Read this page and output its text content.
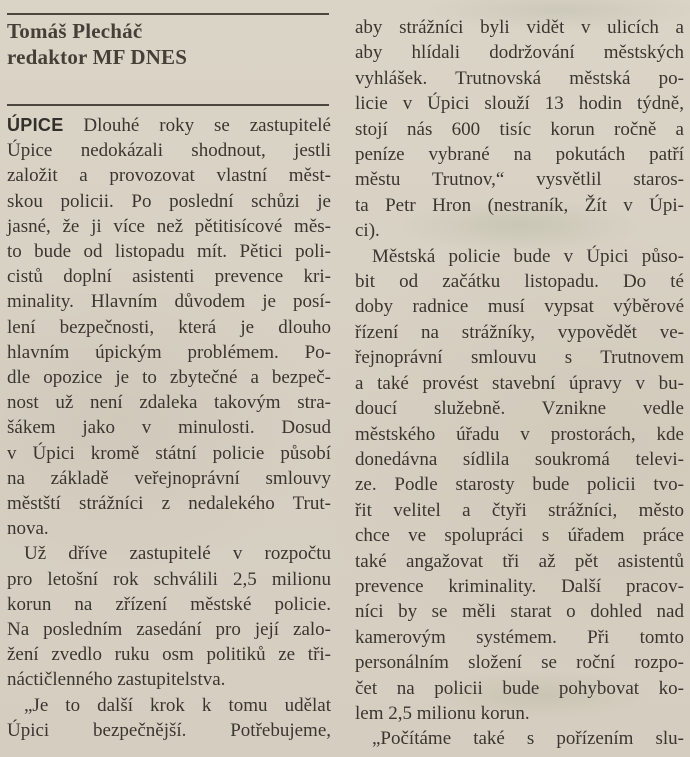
Tomáš Plecháč
redaktor MF DNES
ÚPICE Dlouhé roky se zastupitelé
Úpice nedokázali shodnout, jestli
založit a provozovat vlastní měst-
skou policii. Po poslední schůzi je
jasné, že ji více než pětitisícové měs-
to bude od listopadu mít. Pětici poli-
cistů doplní asistenti prevence kri-
minality. Hlavním důvodem je posí-
lení bezpečnosti, která je dlouho
hlavním úpickým problémem. Po-
dle opozice je to zbytečné a bezpeč-
nost už není zdaleka takovým stra-
šákem jako v minulosti. Dosud
v Úpici kromě státní policie působí
na základě veřejnoprávní smlouvy
městští strážníci z nedalekého Trut-
nova.
Už dříve zastupitelé v rozpočtu
pro letošní rok schválili 2,5 milionu
korun na zřízení městské policie.
Na posledním zasedání pro její zalo-
žení zvedlo ruku osm politiků ze tři-
náctičlenného zastupitelstva.
„Je to další krok k tomu udělat
Úpici bezpečnější. Potřebujeme,
aby strážníci byli vidět v ulicích a
aby hlídali dodržování městských
vyhlášek. Trutnovská městská po-
licie v Úpici slouží 13 hodin týdně,
stojí nás 600 tisíc korun ročně a
peníze vybrané na pokutách patří
městu Trutnov,“ vysvětlil staros-
ta Petr Hron (nestraník, Žít v Úpi-
ci).
Městská policie bude v Úpici půso-
bit od začátku listopadu. Do té
doby radnice musí vypsat výběrové
řízení na strážníky, vypovědět ve-
řejnoprávní smlouvu s Trutnovem
a také provést stavební úpravy v bu-
doucí služebně. Vznikne vedle
městského úřadu v prostorách, kde
donedávna sídlila soukromá televi-
ze. Podle starosty bude policii tvo-
řit velitel a čtyři strážníci, město
chce ve spolupráci s úřadem práce
také angažovat tři až pět asistentů
prevence kriminality. Další pracov-
níci by se měli starat o dohled nad
kamerovým systémem. Při tomto
personálním složení se roční rozpo-
čet na policii bude pohybovat ko-
lem 2,5 milionu korun.
„Počítáme také s pořízením slu-
